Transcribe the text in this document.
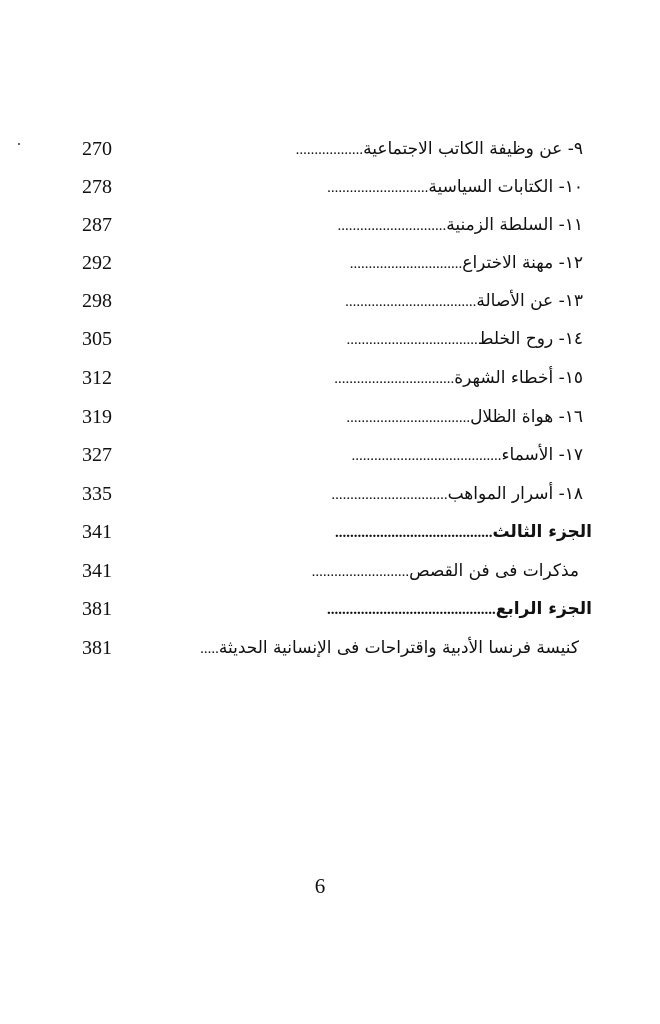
270	٩- عن وظيفة الكاتب الاجتماعية..................
278	١٠- الكتابات السياسية...........................
287	١١- السلطة الزمنية.............................
292	١٢- مهنة الاختراع..............................
298	١٣- عن الأصالة...................................
305	١٤- روح الخلط...................................
312	١٥- أخطاء الشهرة................................
319	١٦- هواة الظلال.................................
327	١٧- الأسماء........................................
335	١٨- أسرار المواهب...............................
341	الجزء الثالث..........................................
341	مذكرات فى فن القصص..........................
381	الجزء الرابع.............................................
381	كنيسة فرنسا الأدبية واقتراحات فى الإنسانية الحديثة.....
6
